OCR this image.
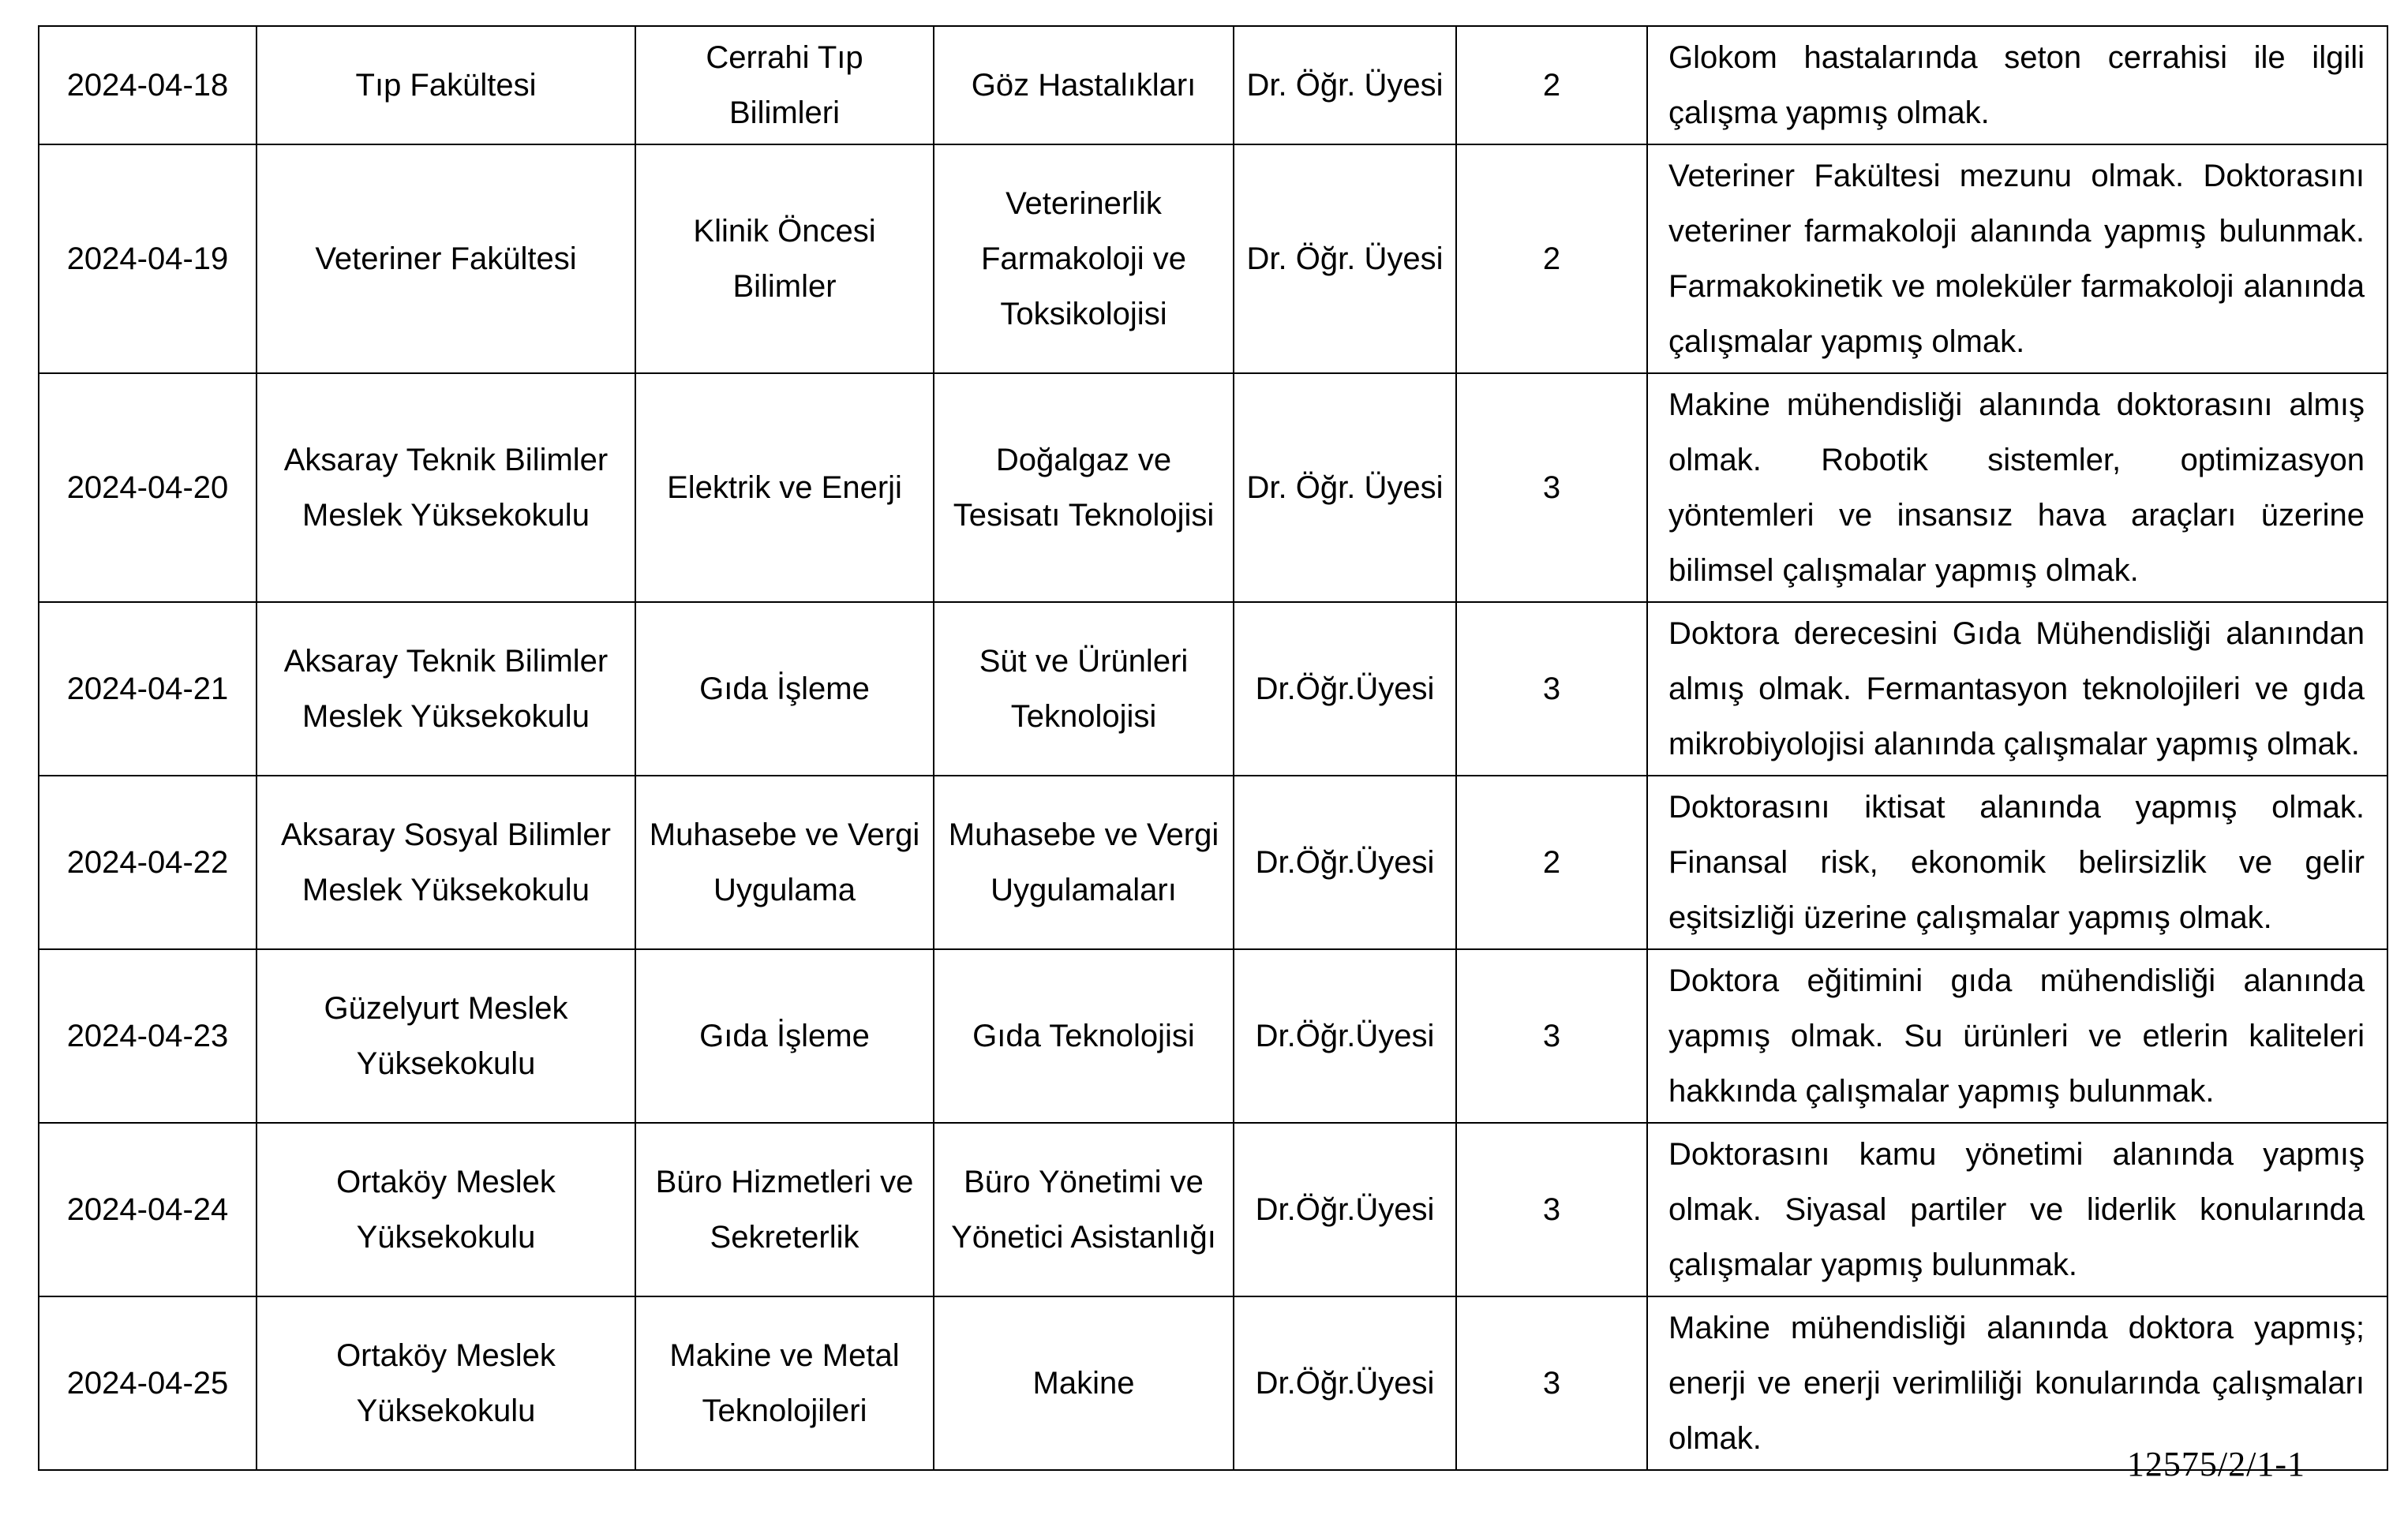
2024-04-18	Tıp Fakültesi	Cerrahi Tıp Bilimleri	Göz Hastalıkları	Dr. Öğr. Üyesi	2	Glokom hastalarında seton cerrahisi ile ilgili çalışma yapmış olmak.
2024-04-19	Veteriner Fakültesi	Klinik Öncesi Bilimler	Veterinerlik Farmakoloji ve Toksikolojisi	Dr. Öğr. Üyesi	2	Veteriner Fakültesi mezunu olmak. Doktorasını veteriner farmakoloji alanında yapmış bulunmak. Farmakokinetik ve moleküler farmakoloji alanında çalışmalar yapmış olmak.
2024-04-20	Aksaray Teknik Bilimler Meslek Yüksekokulu	Elektrik ve Enerji	Doğalgaz ve Tesisatı Teknolojisi	Dr. Öğr. Üyesi	3	Makine mühendisliği alanında doktorasını almış olmak. Robotik sistemler, optimizasyon yöntemleri ve insansız hava araçları üzerine bilimsel çalışmalar yapmış olmak.
2024-04-21	Aksaray Teknik Bilimler Meslek Yüksekokulu	Gıda İşleme	Süt ve Ürünleri Teknolojisi	Dr.Öğr.Üyesi	3	Doktora derecesini Gıda Mühendisliği alanından almış olmak. Fermantasyon teknolojileri ve gıda mikrobiyolojisi alanında çalışmalar yapmış olmak.
2024-04-22	Aksaray Sosyal Bilimler Meslek Yüksekokulu	Muhasebe ve Vergi Uygulama	Muhasebe ve Vergi Uygulamaları	Dr.Öğr.Üyesi	2	Doktorasını iktisat alanında yapmış olmak. Finansal risk, ekonomik belirsizlik ve gelir eşitsizliği üzerine çalışmalar yapmış olmak.
2024-04-23	Güzelyurt Meslek Yüksekokulu	Gıda İşleme	Gıda Teknolojisi	Dr.Öğr.Üyesi	3	Doktora eğitimini gıda mühendisliği alanında yapmış olmak. Su ürünleri ve etlerin kaliteleri hakkında çalışmalar yapmış bulunmak.
2024-04-24	Ortaköy Meslek Yüksekokulu	Büro Hizmetleri ve Sekreterlik	Büro Yönetimi ve Yönetici Asistanlığı	Dr.Öğr.Üyesi	3	Doktorasını kamu yönetimi alanında yapmış olmak. Siyasal partiler ve liderlik konularında çalışmalar yapmış bulunmak.
2024-04-25	Ortaköy Meslek Yüksekokulu	Makine ve Metal Teknolojileri	Makine	Dr.Öğr.Üyesi	3	Makine mühendisliği alanında doktora yapmış; enerji ve enerji verimliliği konularında çalışmaları olmak.
12575/2/1-1
